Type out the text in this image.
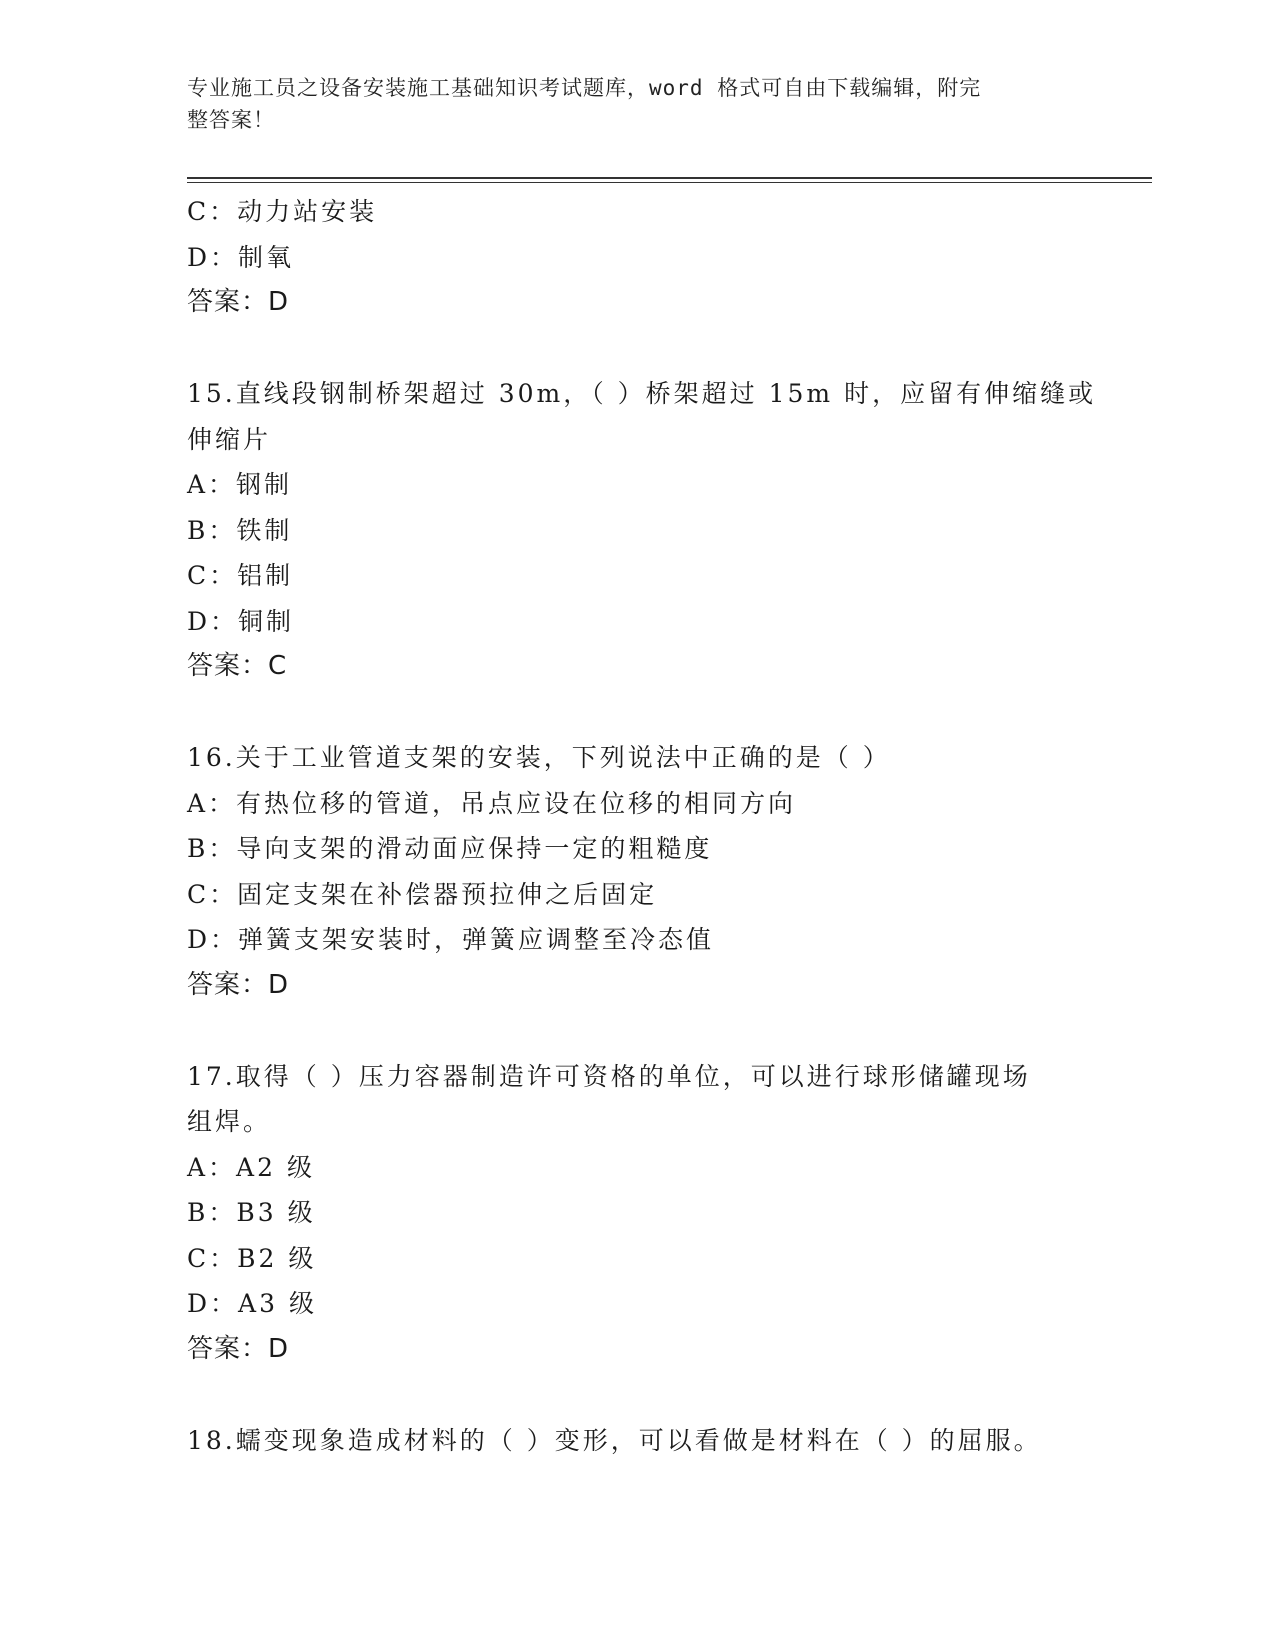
专业施工员之设备安装施工基础知识考试题库，word 格式可自由下载编辑，附完
整答案！
C：动力站安装
D：制氧
答案：D
15.直线段钢制桥架超过 30m，（ ）桥架超过 15m 时，应留有伸缩缝或
伸缩片
A：钢制
B：铁制
C：铝制
D：铜制
答案：C
16.关于工业管道支架的安装，下列说法中正确的是（ ）
A：有热位移的管道，吊点应设在位移的相同方向
B：导向支架的滑动面应保持一定的粗糙度
C：固定支架在补偿器预拉伸之后固定
D：弹簧支架安装时，弹簧应调整至冷态值
答案：D
17.取得（ ）压力容器制造许可资格的单位，可以进行球形储罐现场
组焊。
A：A2 级
B：B3 级
C：B2 级
D：A3 级
答案：D
18.蠕变现象造成材料的（ ）变形，可以看做是材料在（ ）的屈服。
